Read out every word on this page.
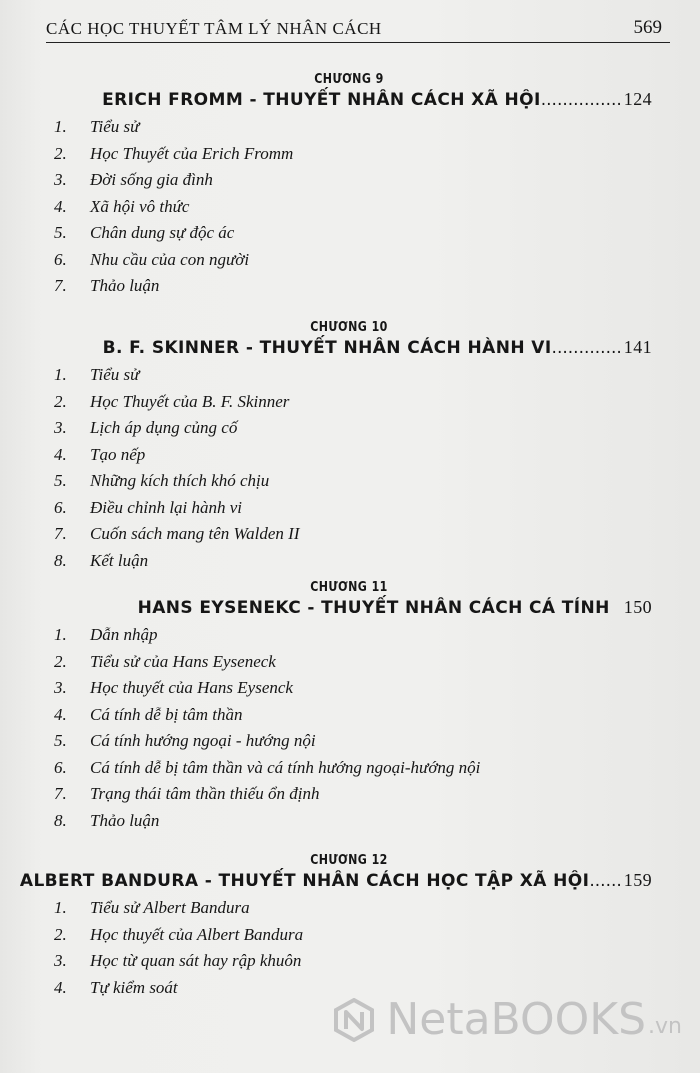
CÁC HỌC THUYẾT TÂM LÝ NHÂN CÁCH	569
CHƯƠNG 9
ERICH FROMM - THUYẾT NHÂN CÁCH XÃ HỘI ............... 124
1.	Tiểu sử
2.	Học Thuyết của Erich Fromm
3.	Đời sống gia đình
4.	Xã hội vô thức
5.	Chân dung sự độc ác
6.	Nhu cầu của con người
7.	Thảo luận
CHƯƠNG 10
B. F. SKINNER - THUYẾT NHÂN CÁCH HÀNH VI ............. 141
1.	Tiểu sử
2.	Học Thuyết của B. F. Skinner
3.	Lịch áp dụng củng cố
4.	Tạo nếp
5.	Những kích thích khó chịu
6.	Điều chỉnh lại hành vi
7.	Cuốn sách mang tên Walden II
8.	Kết luận
CHƯƠNG 11
HANS EYSENEKC - THUYẾT NHÂN CÁCH CÁ TÍNH 150
1.	Dẫn nhập
2.	Tiểu sử của Hans Eyseneck
3.	Học thuyết của Hans Eysenck
4.	Cá tính dễ bị tâm thần
5.	Cá tính hướng ngoại - hướng nội
6.	Cá tính dễ bị tâm thần và cá tính hướng ngoại-hướng nội
7.	Trạng thái tâm thần thiếu ổn định
8.	Thảo luận
CHƯƠNG 12
ALBERT BANDURA - THUYẾT NHÂN CÁCH HỌC TẬP XÃ HỘI ...... 159
1.	Tiểu sử Albert Bandura
2.	Học thuyết của Albert Bandura
3.	Học từ quan sát hay rập khuôn
4.	Tự kiểm soát
NetaBOOKS .vn
